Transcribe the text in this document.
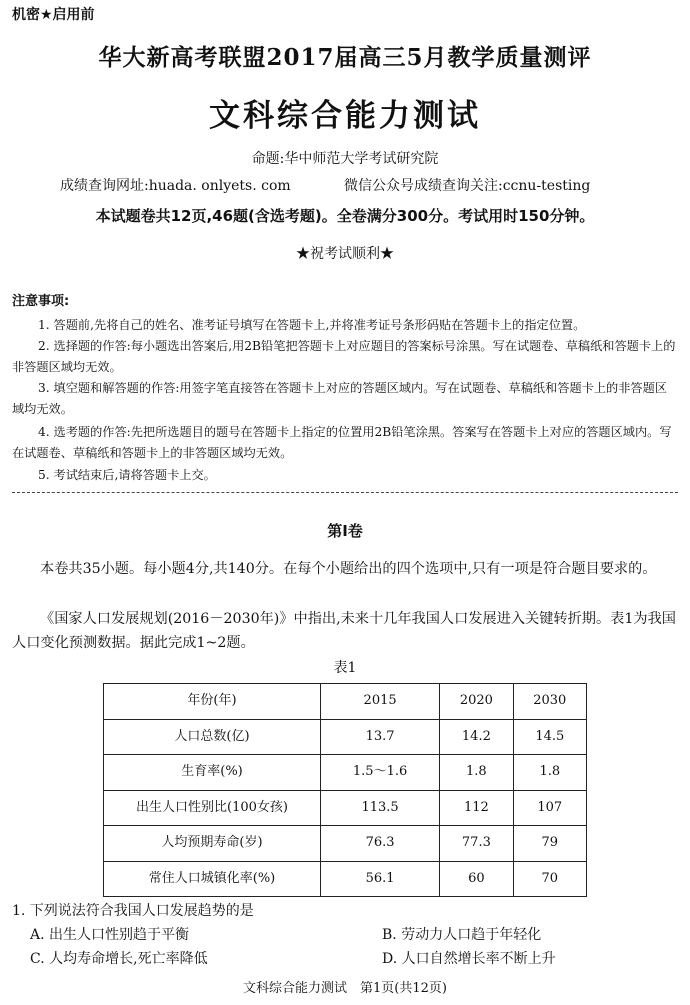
机密★启用前
华大新高考联盟2017届高三5月教学质量测评
文科综合能力测试
命题:华中师范大学考试研究院
成绩查询网址:huada. onlyets. com	微信公众号成绩查询关注:ccnu-testing
本试题卷共12页,46题(含选考题)。全卷满分300分。考试用时150分钟。
★祝考试顺利★
注意事项:
1. 答题前,先将自己的姓名、准考证号填写在答题卡上,并将准考证号条形码贴在答题卡上的指定位置。
2. 选择题的作答:每小题选出答案后,用2B铅笔把答题卡上对应题目的答案标号涂黑。写在试题卷、草稿纸和答题卡上的非答题区域均无效。
3. 填空题和解答题的作答:用签字笔直接答在答题卡上对应的答题区域内。写在试题卷、草稿纸和答题卡上的非答题区域均无效。
4. 选考题的作答:先把所选题目的题号在答题卡上指定的位置用2B铅笔涂黑。答案写在答题卡上对应的答题区域内。写在试题卷、草稿纸和答题卡上的非答题区域均无效。
5. 考试结束后,请将答题卡上交。
第Ⅰ卷
本卷共35小题。每小题4分,共140分。在每个小题给出的四个选项中,只有一项是符合题目要求的。
《国家人口发展规划(2016－2030年)》中指出,未来十几年我国人口发展进入关键转折期。表1为我国人口变化预测数据。据此完成1~2题。
表1
年份(年)	2015	2020	2030
人口总数(亿)	13.7	14.2	14.5
生育率(%)	1.5～1.6	1.8	1.8
出生人口性别比(100女孩)	113.5	112	107
人均预期寿命(岁)	76.3	77.3	79
常住人口城镇化率(%)	56.1	60	70
1. 下列说法符合我国人口发展趋势的是
A. 出生人口性别趋于平衡	B. 劳动力人口趋于年轻化
C. 人均寿命增长,死亡率降低	D. 人口自然增长率不断上升
文科综合能力测试　第1页(共12页)
